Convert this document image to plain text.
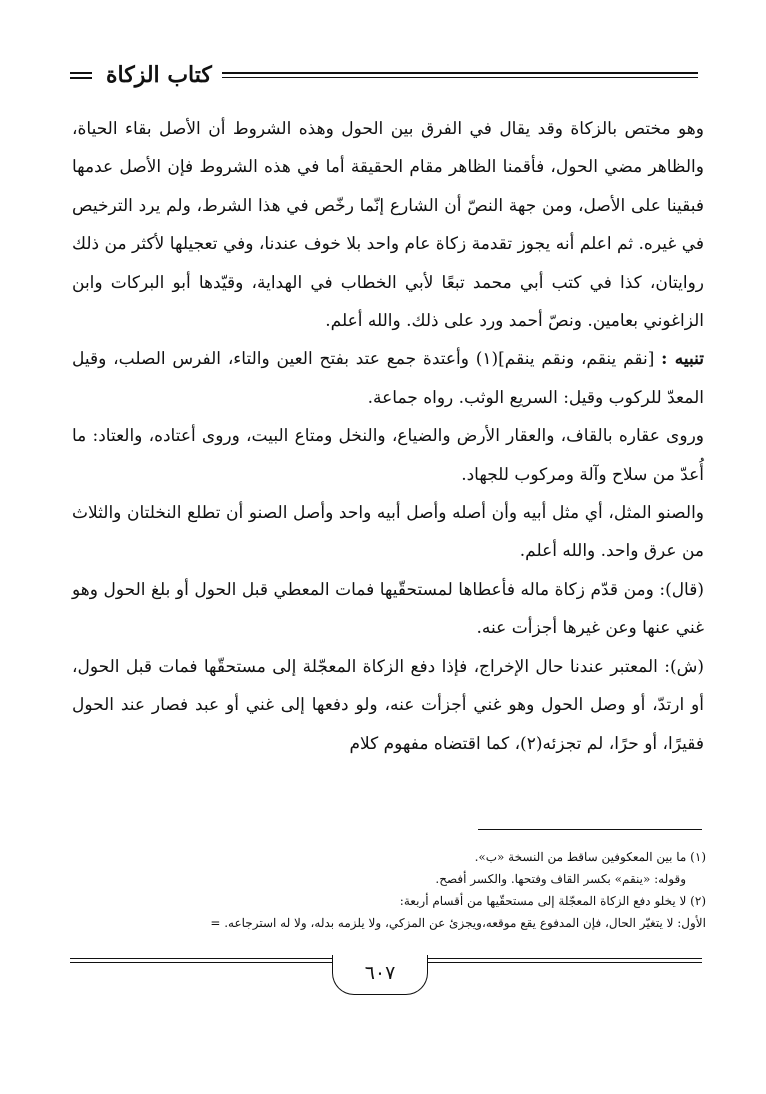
كتاب الزكاة

وهو مختص بالزكاة وقد يقال في الفرق بين الحول وهذه الشروط أن الأصل بقاء الحياة، والظاهر مضي الحول، فأقمنا الظاهر مقام الحقيقة أما في هذه الشروط فإن الأصل عدمها فبقينا على الأصل، ومن جهة النصّ أن الشارع إنّما رخّص في هذا الشرط، ولم يرد الترخيص في غيره. ثم اعلم أنه يجوز تقدمة زكاة عام واحد بلا خوف عندنا، وفي تعجيلها لأكثر من ذلك روايتان، كذا في كتب أبي محمد تبعًا لأبي الخطاب في الهداية، وقيّدها أبو البركات وابن الزاغوني بعامين. ونصّ أحمد ورد على ذلك. والله أعلم.

تنبيه : [نقم ينقم، ونقم ينقم](١) وأعتدة جمع عتد بفتح العين والتاء، الفرس الصلب، وقيل المعدّ للركوب وقيل: السريع الوثب. رواه جماعة.

وروى عقاره بالقاف، والعقار الأرض والضياع، والنخل ومتاع البيت، وروى أعتاده، والعتاد: ما أُعدّ من سلاح وآلة ومركوب للجهاد.

والصنو المثل، أي مثل أبيه وأن أصله وأصل أبيه واحد وأصل الصنو أن تطلع النخلتان والثلاث من عرق واحد. والله أعلم.

(قال): ومن قدّم زكاة ماله فأعطاها لمستحقّيها فمات المعطي قبل الحول أو بلغ الحول وهو غني عنها وعن غيرها أجزأت عنه.

(ش): المعتبر عندنا حال الإخراج، فإذا دفع الزكاة المعجّلة إلى مستحقّها فمات قبل الحول، أو ارتدّ، أو وصل الحول وهو غني أجزأت عنه، ولو دفعها إلى غني أو عبد فصار عند الحول فقيرًا، أو حرًا، لم تجزئه(٢)، كما اقتضاه مفهوم كلام

(١) ما بين المعكوفين ساقط من النسخة «ب».

وقوله: «ينقم» بكسر القاف وفتحها. والكسر أفصح.

(٢) لا يخلو دفع الزكاة المعجّلة إلى مستحقّيها من أقسام أربعة:

الأول: لا يتغيّر الحال، فإن المدفوع يقع موقعه،ويجزئ عن المزكي، ولا يلزمه بدله، ولا له استرجاعه. =

٦٠٧
